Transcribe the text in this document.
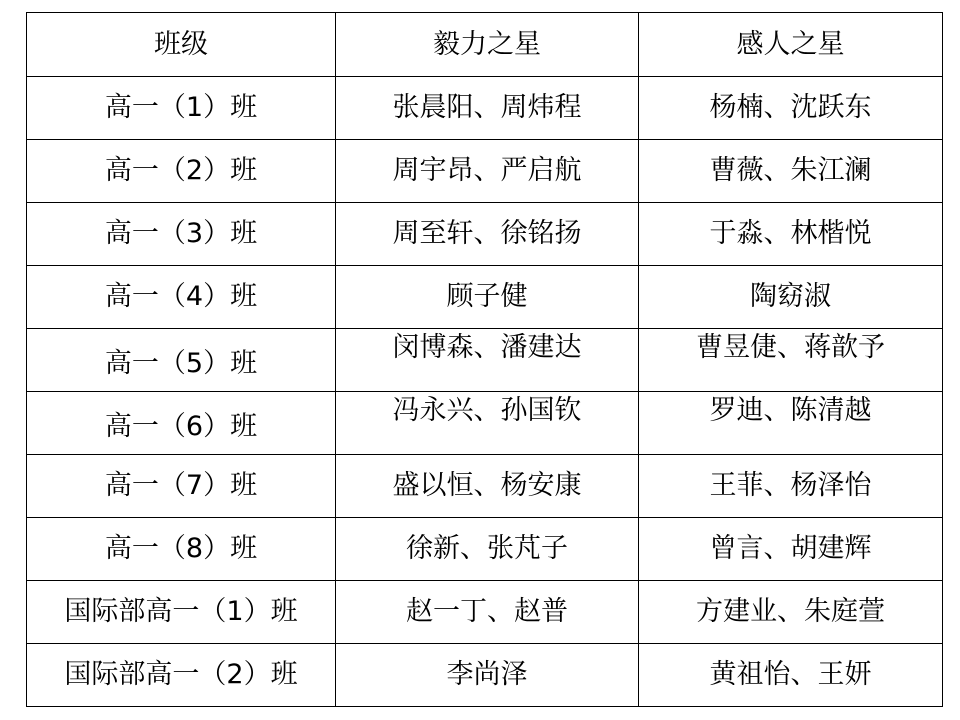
班级	毅力之星	感人之星
高一（1）班	张晨阳、周炜程	杨楠、沈跃东
高一（2）班	周宇昂、严启航	曹薇、朱江澜
高一（3）班	周至轩、徐铭扬	于淼、林楷悦
高一（4）班	顾子健	陶窈淑
高一（5）班	闵博森、潘建达	曹昱倢、蒋歆予
高一（6）班	冯永兴、孙国钦	罗迪、陈清越
高一（7）班	盛以恒、杨安康	王菲、杨泽怡
高一（8）班	徐新、张芃子	曾言、胡建辉
国际部高一（1）班	赵一丁、赵普	方建业、朱庭萱
国际部高一（2）班	李尚泽	黄祖怡、王妍
